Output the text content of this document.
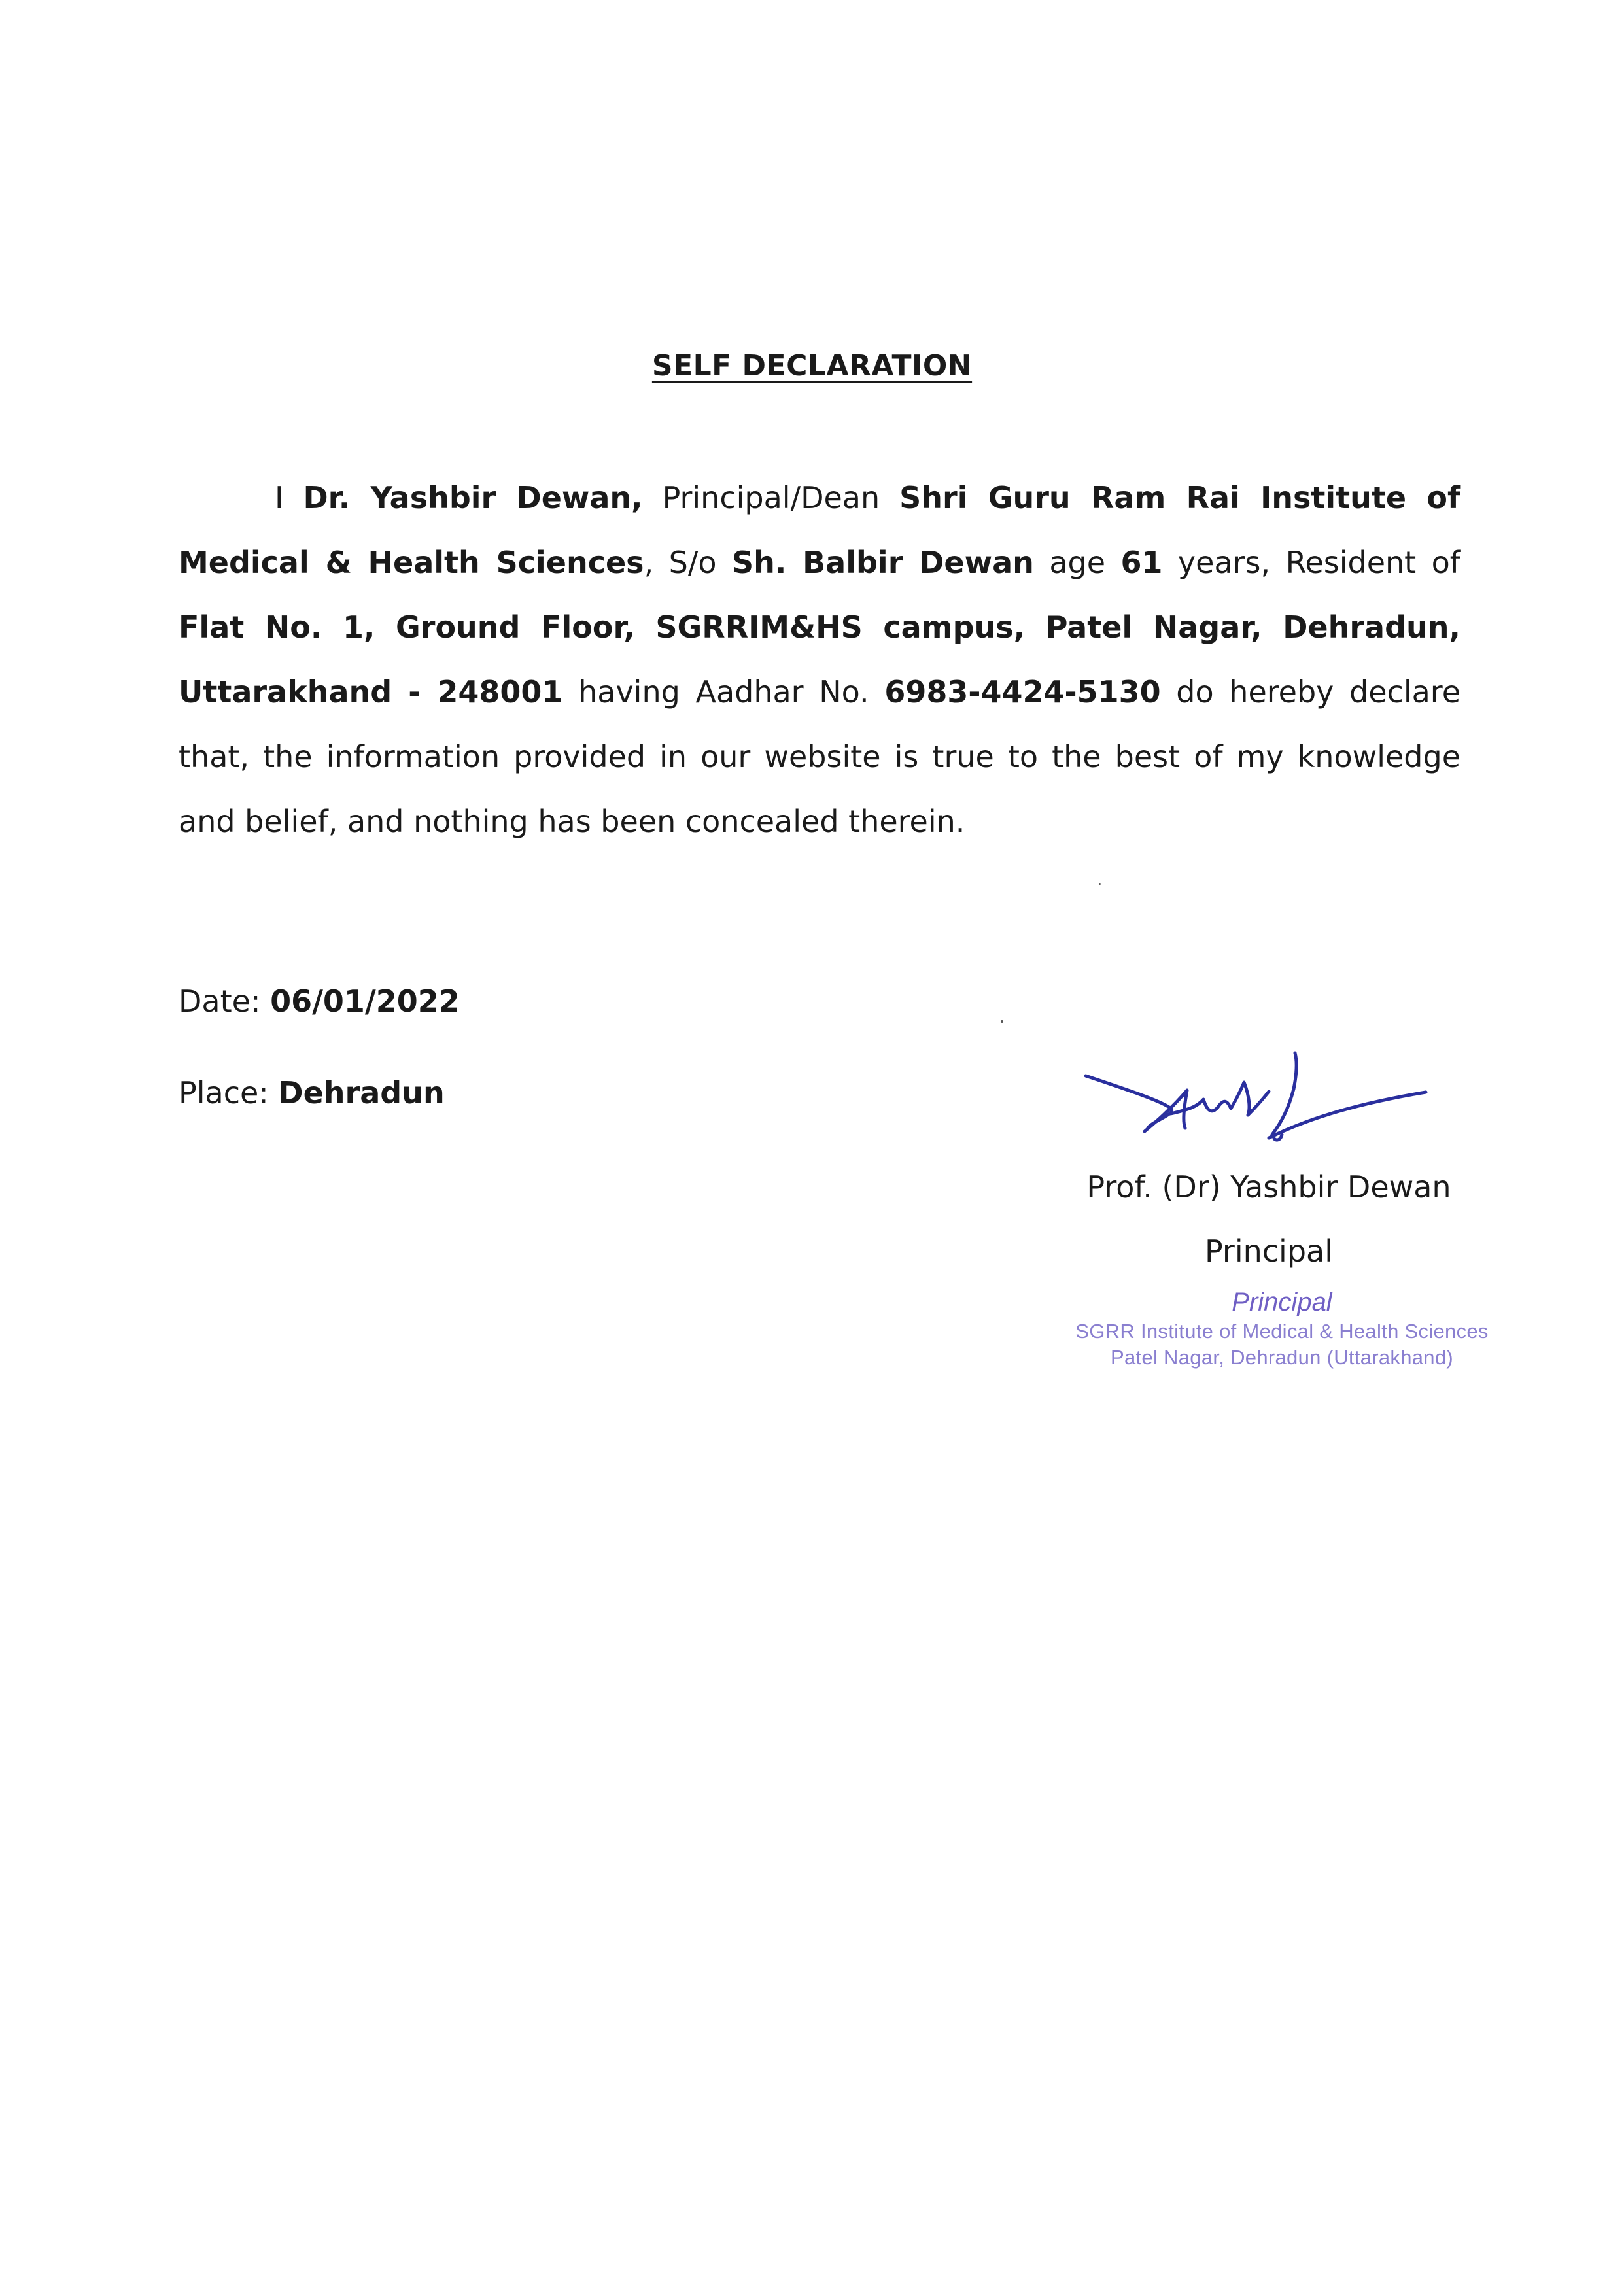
SELF DECLARATION

I Dr. Yashbir Dewan, Principal/Dean Shri Guru Ram Rai Institute of Medical & Health Sciences, S/o Sh. Balbir Dewan age 61 years, Resident of Flat No. 1, Ground Floor, SGRRIM&HS campus, Patel Nagar, Dehradun, Uttarakhand - 248001 having Aadhar No. 6983-4424-5130 do hereby declare that, the information provided in our website is true to the best of my knowledge and belief, and nothing has been concealed therein.

Date: 06/01/2022
Place: Dehradun
Prof. (Dr) Yashbir Dewan
Principal
Principal
SGRR Institute of Medical & Health Sciences
Patel Nagar, Dehradun (Uttarakhand)
